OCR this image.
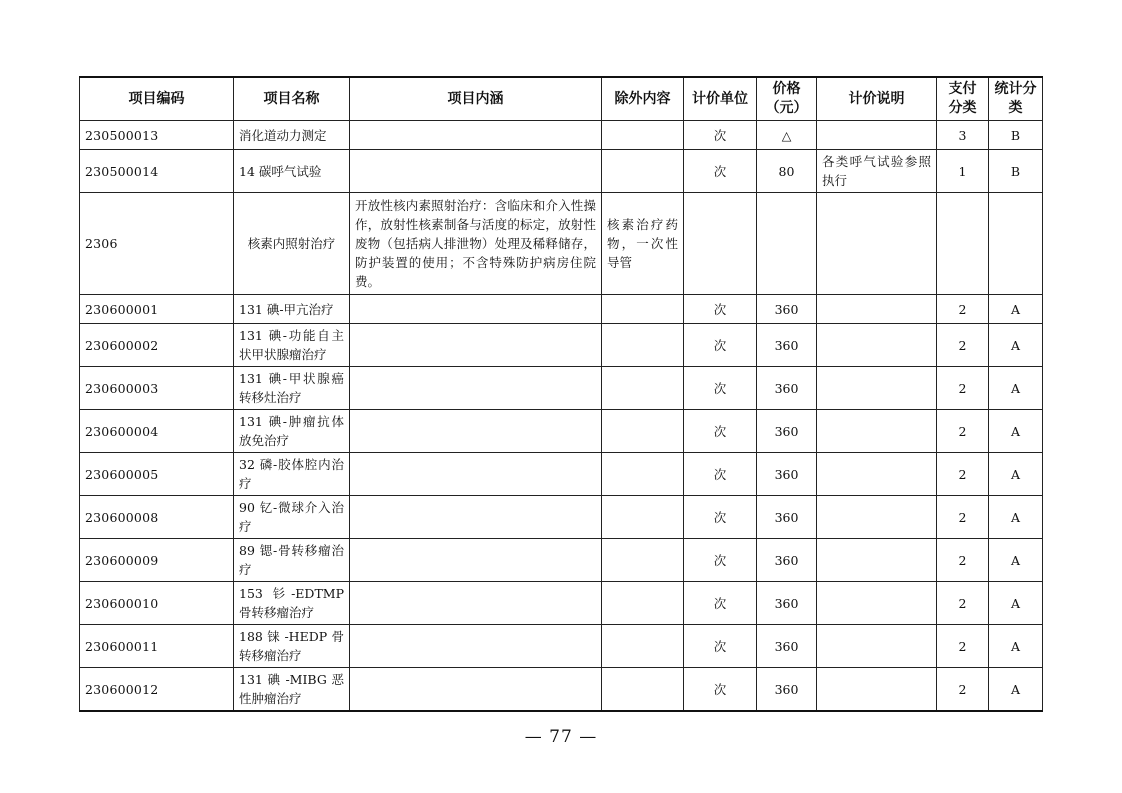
项目编码	项目名称	项目内涵	除外内容	计价单位	价格（元）	计价说明	支付分类	统计分类
230500013	消化道动力测定			次	△		3	B
230500014	14 碳呼气试验			次	80	各类呼气试验参照执行	1	B
2306	核素内照射治疗	开放性核内素照射治疗：含临床和介入性操作，放射性核素制备与活度的标定，放射性废物（包括病人排泄物）处理及稀释储存，防护装置的使用；不含特殊防护病房住院费。	核素治疗药物，一次性导管					
230600001	131 碘-甲亢治疗			次	360		2	A
230600002	131 碘-功能自主状甲状腺瘤治疗			次	360		2	A
230600003	131 碘-甲状腺癌转移灶治疗			次	360		2	A
230600004	131 碘-肿瘤抗体放免治疗			次	360		2	A
230600005	32 磷-胶体腔内治疗			次	360		2	A
230600008	90 钇-微球介入治疗			次	360		2	A
230600009	89 锶-骨转移瘤治疗			次	360		2	A
230600010	153 钐-EDTMP 骨转移瘤治疗			次	360		2	A
230600011	188 铼 -HEDP 骨转移瘤治疗			次	360		2	A
230600012	131 碘 -MIBG 恶性肿瘤治疗			次	360		2	A
— 77 —
